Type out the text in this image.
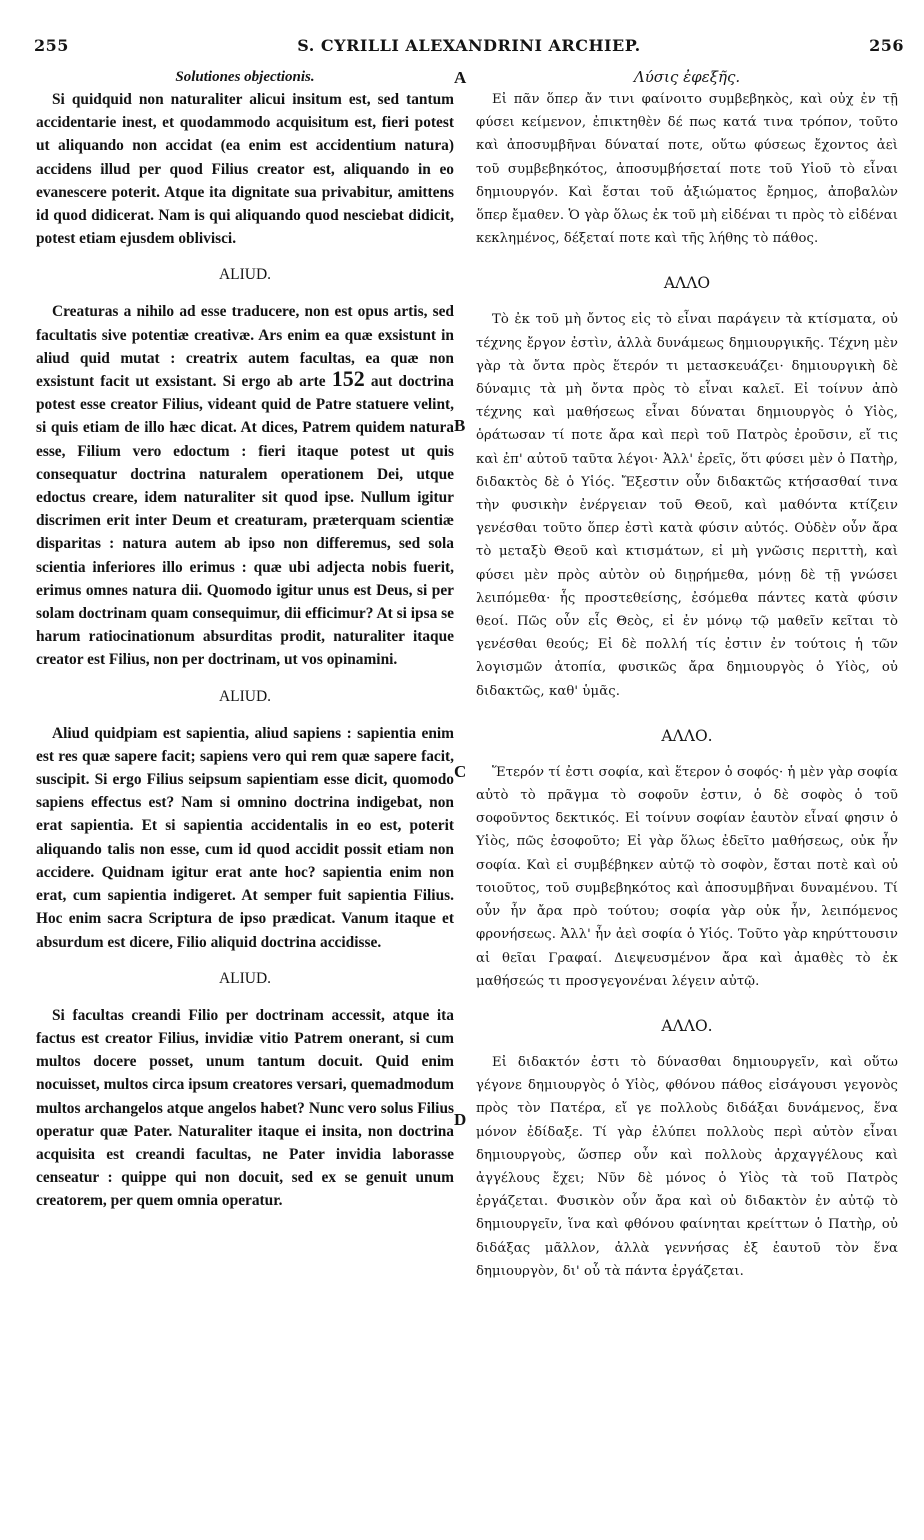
255	S. CYRILLI ALEXANDRINI ARCHIEP.	256
A
B
C
D

Solutiones objectionis.

Si quidquid non naturaliter alicui insitum est, sed tantum accidentarie inest, et quodammodo acquisitum est, fieri potest ut aliquando non accidat (ea enim est accidentium natura) accidens illud per quod Filius creator est, aliquando in eo evanescere poterit. Atque ita dignitate sua privabitur, amittens id quod didicerat. Nam is qui aliquando quod nesciebat didicit, potest etiam ejusdem oblivisci.

ALIUD.

Creaturas a nihilo ad esse traducere, non est opus artis, sed facultatis sive potentiæ creativæ. Ars enim ea quæ exsistunt in aliud quid mutat : creatrix autem facultas, ea quæ non exsistunt facit ut exsistant. Si ergo ab arte 152 aut doctrina potest esse creator Filius, videant quid de Patre statuere velint, si quis etiam de illo hæc dicat. At dices, Patrem quidem natura esse, Filium vero edoctum : fieri itaque potest ut quis consequatur doctrina naturalem operationem Dei, utque edoctus creare, idem naturaliter sit quod ipse. Nullum igitur discrimen erit inter Deum et creaturam, præterquam scientiæ disparitas : natura autem ab ipso non differemus, sed sola scientia inferiores illo erimus : quæ ubi adjecta nobis fuerit, erimus omnes natura dii. Quomodo igitur unus est Deus, si per solam doctrinam quam consequimur, dii efficimur? At si ipsa se harum ratiocinationum absurditas prodit, naturaliter itaque creator est Filius, non per doctrinam, ut vos opinamini.

ALIUD.

Aliud quidpiam est sapientia, aliud sapiens : sapientia enim est res quæ sapere facit; sapiens vero qui rem quæ sapere facit, suscipit. Si ergo Filius seipsum sapientiam esse dicit, quomodo sapiens effectus est? Nam si omnino doctrina indigebat, non erat sapientia. Et si sapientia accidentalis in eo est, poterit aliquando talis non esse, cum id quod accidit possit etiam non accidere. Quidnam igitur erat ante hoc? sapientia enim non erat, cum sapientia indigeret. At semper fuit sapientia Filius. Hoc enim sacra Scriptura de ipso prædicat. Vanum itaque et absurdum est dicere, Filio aliquid doctrina accidisse.

ALIUD.

Si facultas creandi Filio per doctrinam accessit, atque ita factus est creator Filius, invidiæ vitio Patrem onerant, si cum multos docere posset, unum tantum docuit. Quid enim nocuisset, multos circa ipsum creatores versari, quemadmodum multos archangelos atque angelos habet? Nunc vero solus Filius operatur quæ Pater. Naturaliter itaque ei insita, non doctrina acquisita est creandi facultas, ne Pater invidia laborasse censeatur : quippe qui non docuit, sed ex se genuit unum creatorem, per quem omnia operatur.

Λύσις ἐφεξῆς.

Εἰ πᾶν ὅπερ ἄν τινι φαίνοιτο συμβεβηκὸς, καὶ οὐχ ἐν τῇ φύσει κείμενον, ἐπικτηθὲν δέ πως κατά τινα τρόπον, τοῦτο καὶ ἀποσυμβῆναι δύναταί ποτε, οὕτω φύσεως ἔχοντος ἀεὶ τοῦ συμβεβηκότος, ἀποσυμβήσεταί ποτε τοῦ Υἱοῦ τὸ εἶναι δημιουργόν. Καὶ ἔσται τοῦ ἀξιώματος ἔρημος, ἀποβαλὼν ὅπερ ἔμαθεν. Ὁ γὰρ ὅλως ἐκ τοῦ μὴ εἰδέναι τι πρὸς τὸ εἰδέναι κεκλημένος, δέξεταί ποτε καὶ τῆς λήθης τὸ πάθος.

ΑΛΛΟ

Τὸ ἐκ τοῦ μὴ ὄντος εἰς τὸ εἶναι παράγειν τὰ κτίσματα, οὐ τέχνης ἔργον ἐστὶν, ἀλλὰ δυνάμεως δημιουργικῆς. Τέχνη μὲν γὰρ τὰ ὄντα πρὸς ἕτερόν τι μετασκευάζει· δημιουργικὴ δὲ δύναμις τὰ μὴ ὄντα πρὸς τὸ εἶναι καλεῖ. Εἰ τοίνυν ἀπὸ τέχνης καὶ μαθήσεως εἶναι δύναται δημιουργὸς ὁ Υἱὸς, ὁράτωσαν τί ποτε ἄρα καὶ περὶ τοῦ Πατρὸς ἐροῦσιν, εἴ τις καὶ ἐπ' αὐτοῦ ταῦτα λέγοι· Ἀλλ' ἐρεῖς, ὅτι φύσει μὲν ὁ Πατὴρ, διδακτὸς δὲ ὁ Υἱός. Ἔξεστιν οὖν διδακτῶς κτήσασθαί τινα τὴν φυσικὴν ἐνέργειαν τοῦ Θεοῦ, καὶ μαθόντα κτίζειν γενέσθαι τοῦτο ὅπερ ἐστὶ κατὰ φύσιν αὐτός. Οὐδὲν οὖν ἄρα τὸ μεταξὺ Θεοῦ καὶ κτισμάτων, εἰ μὴ γνῶσις περιττὴ, καὶ φύσει μὲν πρὸς αὐτὸν οὐ διῃρήμεθα, μόνῃ δὲ τῇ γνώσει λειπόμεθα· ἧς προστεθείσης, ἐσόμεθα πάντες κατὰ φύσιν θεοί. Πῶς οὖν εἷς Θεὸς, εἰ ἐν μόνῳ τῷ μαθεῖν κεῖται τὸ γενέσθαι θεούς; Εἰ δὲ πολλή τίς ἐστιν ἐν τούτοις ἡ τῶν λογισμῶν ἀτοπία, φυσικῶς ἄρα δημιουργὸς ὁ Υἱὸς, οὐ διδακτῶς, καθ' ὑμᾶς.

ΑΛΛΟ.

Ἕτερόν τί ἐστι σοφία, καὶ ἕτερον ὁ σοφός· ἡ μὲν γὰρ σοφία αὐτὸ τὸ πρᾶγμα τὸ σοφοῦν ἐστιν, ὁ δὲ σοφὸς ὁ τοῦ σοφοῦντος δεκτικός. Εἰ τοίνυν σοφίαν ἑαυτὸν εἶναί φησιν ὁ Υἱὸς, πῶς ἐσοφοῦτο; Εἰ γὰρ ὅλως ἐδεῖτο μαθήσεως, οὐκ ἦν σοφία. Καὶ εἰ συμβέβηκεν αὐτῷ τὸ σοφὸν, ἔσται ποτὲ καὶ οὐ τοιοῦτος, τοῦ συμβεβηκότος καὶ ἀποσυμβῆναι δυναμένου. Τί οὖν ἦν ἄρα πρὸ τούτου; σοφία γὰρ οὐκ ἦν, λειπόμενος φρονήσεως. Ἀλλ' ἦν ἀεὶ σοφία ὁ Υἱός. Τοῦτο γὰρ κηρύττουσιν αἱ θεῖαι Γραφαί. Διεψευσμένον ἄρα καὶ ἀμαθὲς τὸ ἐκ μαθήσεώς τι προσγεγονέναι λέγειν αὐτῷ.

ΑΛΛΟ.

Εἰ διδακτόν ἐστι τὸ δύνασθαι δημιουργεῖν, καὶ οὕτω γέγονε δημιουργὸς ὁ Υἱὸς, φθόνου πάθος εἰσάγουσι γεγονὸς πρὸς τὸν Πατέρα, εἴ γε πολλοὺς διδάξαι δυνάμενος, ἕνα μόνον ἐδίδαξε. Τί γὰρ ἐλύπει πολλοὺς περὶ αὐτὸν εἶναι δημιουργοὺς, ὥσπερ οὖν καὶ πολλοὺς ἀρχαγγέλους καὶ ἀγγέλους ἔχει; Νῦν δὲ μόνος ὁ Υἱὸς τὰ τοῦ Πατρὸς ἐργάζεται. Φυσικὸν οὖν ἄρα καὶ οὐ διδακτὸν ἐν αὐτῷ τὸ δημιουργεῖν, ἵνα καὶ φθόνου φαίνηται κρείττων ὁ Πατὴρ, οὐ διδάξας μᾶλλον, ἀλλὰ γεννήσας ἐξ ἑαυτοῦ τὸν ἕνα δημιουργὸν, δι' οὗ τὰ πάντα ἐργάζεται.
